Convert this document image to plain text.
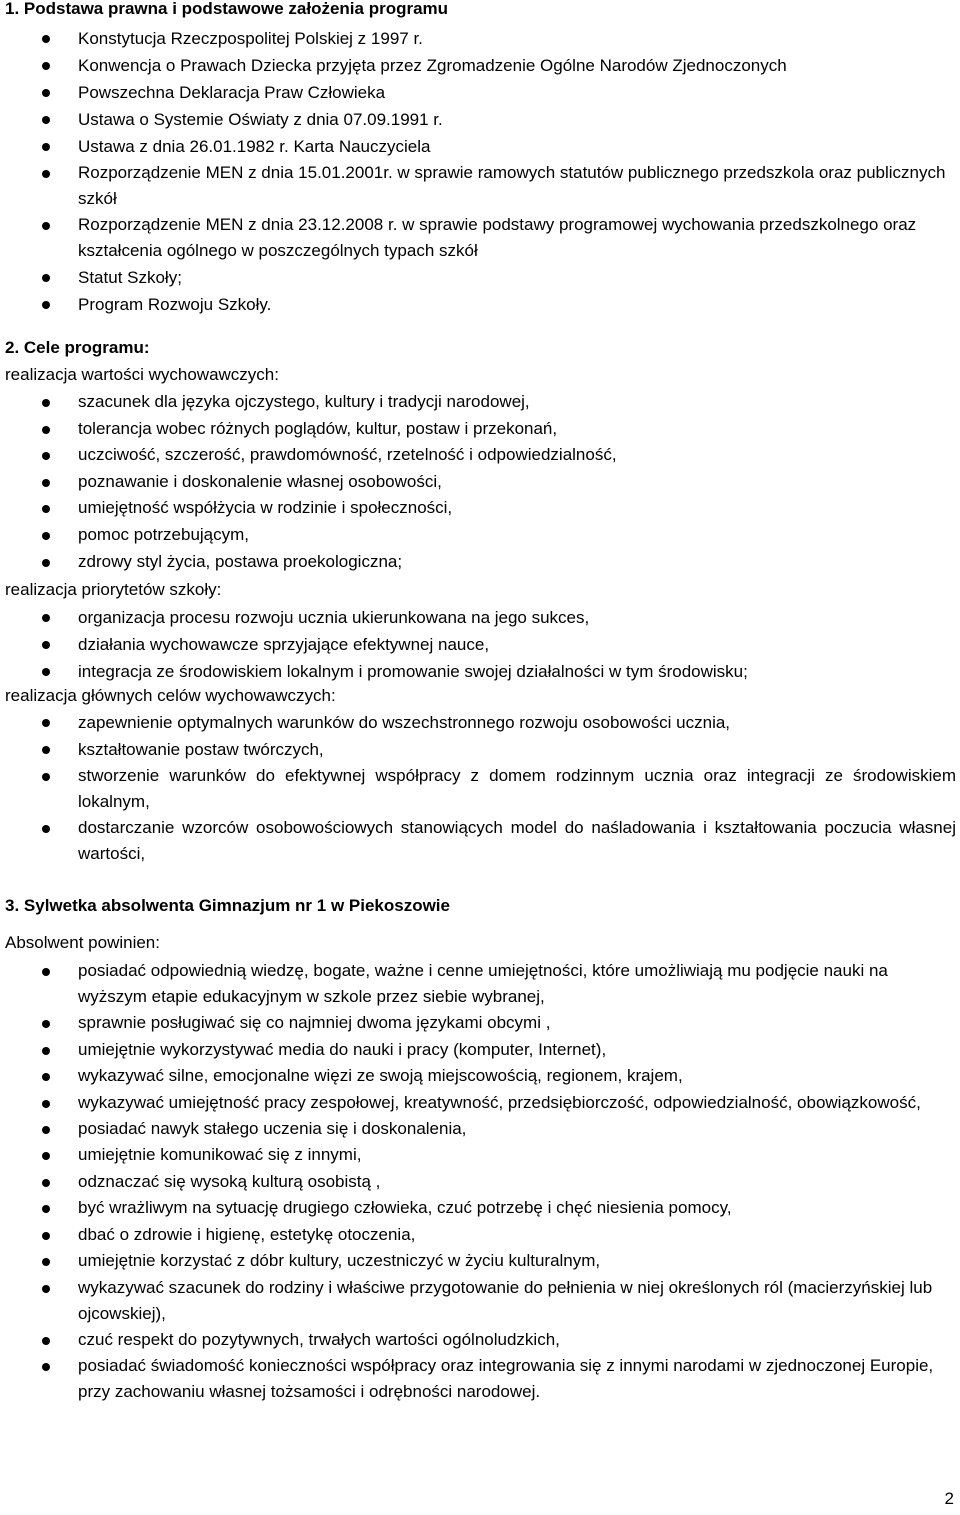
1. Podstawa prawna i podstawowe założenia programu
Konstytucja Rzeczpospolitej Polskiej z 1997 r.
Konwencja o Prawach Dziecka przyjęta przez Zgromadzenie Ogólne Narodów Zjednoczonych
Powszechna Deklaracja Praw Człowieka
Ustawa o Systemie Oświaty z dnia 07.09.1991 r.
Ustawa z dnia 26.01.1982 r. Karta Nauczyciela
Rozporządzenie MEN z dnia 15.01.2001r. w sprawie ramowych statutów publicznego przedszkola oraz publicznych szkół
Rozporządzenie MEN z dnia 23.12.2008 r. w sprawie podstawy programowej wychowania przedszkolnego oraz kształcenia ogólnego w poszczególnych typach szkół
Statut Szkoły;
Program Rozwoju Szkoły.
2. Cele programu:

realizacja wartości wychowawczych:

szacunek dla języka ojczystego, kultury i tradycji narodowej,
tolerancja wobec różnych poglądów, kultur, postaw i przekonań,
uczciwość, szczerość, prawdomówność, rzetelność i odpowiedzialność,
poznawanie i doskonalenie własnej osobowości,
umiejętność współżycia w rodzinie i społeczności,
pomoc potrzebującym,
zdrowy styl życia, postawa proekologiczna;

realizacja priorytetów szkoły:

organizacja procesu rozwoju ucznia ukierunkowana na jego sukces,
działania wychowawcze sprzyjające efektywnej nauce,
integracja ze środowiskiem lokalnym i promowanie swojej działalności w tym środowisku;

realizacja głównych celów wychowawczych:

zapewnienie optymalnych warunków do wszechstronnego rozwoju osobowości ucznia,
kształtowanie postaw twórczych,
stworzenie warunków do efektywnej współpracy z domem rodzinnym ucznia oraz integracji ze środowiskiem lokalnym,
dostarczanie wzorców osobowościowych stanowiących model do naśladowania i kształtowania poczucia własnej wartości,
3. Sylwetka absolwenta Gimnazjum nr 1 w Piekoszowie

Absolwent powinien:

posiadać odpowiednią wiedzę, bogate, ważne i cenne umiejętności, które umożliwiają mu podjęcie nauki na wyższym etapie edukacyjnym w szkole przez siebie wybranej,
sprawnie posługiwać się co najmniej dwoma językami obcymi ,
umiejętnie wykorzystywać media do nauki i pracy (komputer, Internet),
wykazywać silne, emocjonalne więzi ze swoją miejscowością, regionem, krajem,
wykazywać umiejętność pracy zespołowej, kreatywność, przedsiębiorczość, odpowiedzialność, obowiązkowość,
posiadać nawyk stałego uczenia się i doskonalenia,
umiejętnie komunikować się z innymi,
odznaczać się wysoką kulturą osobistą ,
być wrażliwym na sytuację drugiego człowieka, czuć potrzebę i chęć niesienia pomocy,
dbać o zdrowie i higienę, estetykę otoczenia,
umiejętnie korzystać z dóbr kultury, uczestniczyć w życiu kulturalnym,
wykazywać szacunek do rodziny i właściwe przygotowanie do pełnienia w niej określonych ról (macierzyńskiej lub ojcowskiej),
czuć respekt do pozytywnych, trwałych wartości ogólnoludzkich,
posiadać świadomość konieczności współpracy oraz integrowania się z innymi narodami w zjednoczonej Europie, przy zachowaniu własnej tożsamości i odrębności narodowej.
2
